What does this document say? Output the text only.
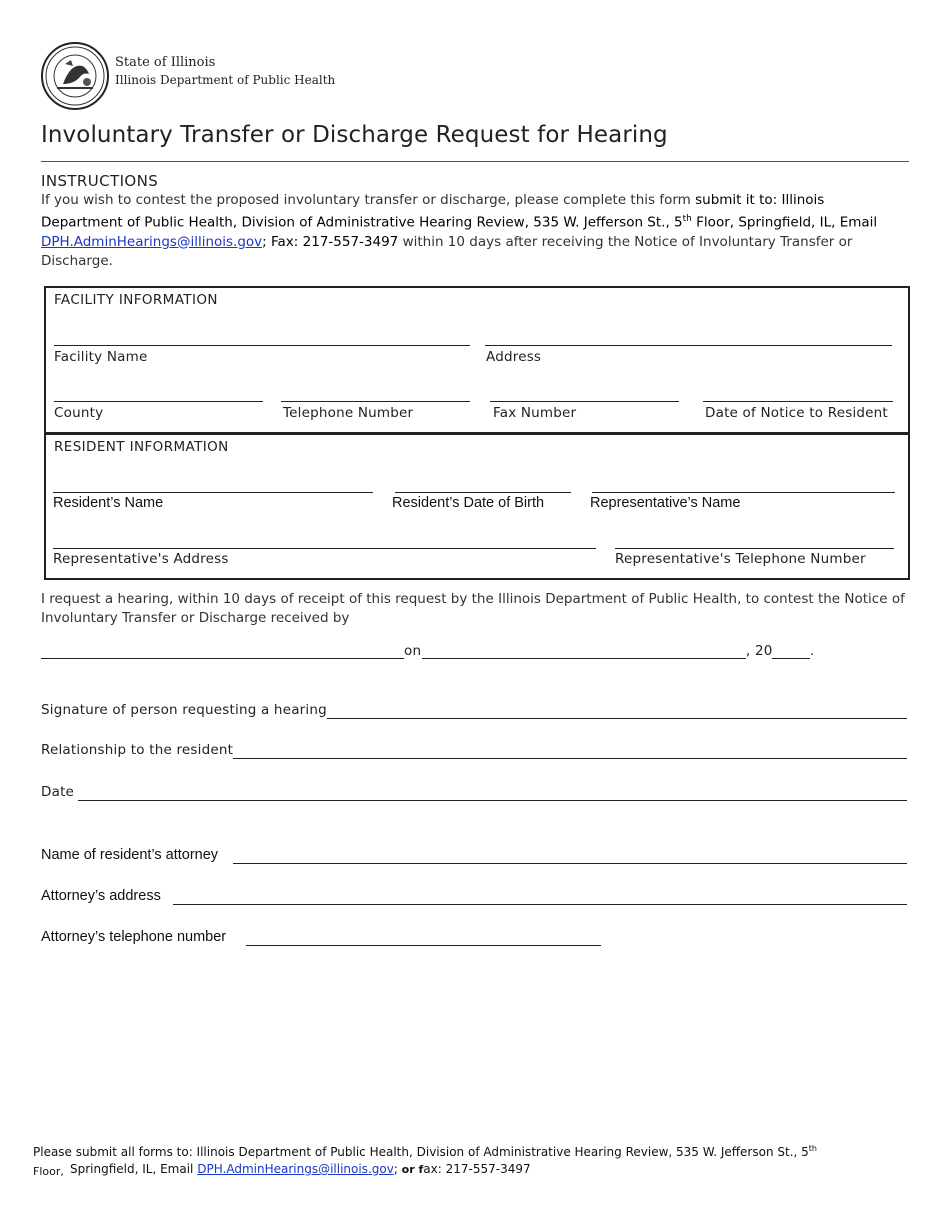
State of Illinois
Illinois Department of Public Health
Involuntary Transfer or Discharge Request for Hearing
INSTRUCTIONS
If you wish to contest the proposed involuntary transfer or discharge, please complete this form submit it to: Illinois Department of Public Health, Division of Administrative Hearing Review, 535 W. Jefferson St., 5th Floor, Springfield, IL, Email DPH.AdminHearings@illinois.gov; Fax: 217-557-3497 within 10 days after receiving the Notice of Involuntary Transfer or Discharge.
FACILITY INFORMATION
Facility Name	Address
County	Telephone Number	Fax Number	Date of Notice to Resident
RESIDENT INFORMATION
Resident’s Name	Resident’s Date of Birth	Representative’s Name
Representative's Address	Representative's Telephone Number
I request a hearing, within 10 days of receipt of this request by the Illinois Department of Public Health, to contest the Notice of Involuntary Transfer or Discharge received by
on	, 20	.
Signature of person requesting a hearing
Relationship to the resident
Date
Name of resident’s attorney
Attorney’s address
Attorney’s telephone number
Please submit all forms to: Illinois Department of Public Health, Division of Administrative Hearing Review, 535 W. Jefferson St., 5th
Floor, Springfield, IL, Email DPH.AdminHearings@illinois.gov; or fax: 217-557-3497
